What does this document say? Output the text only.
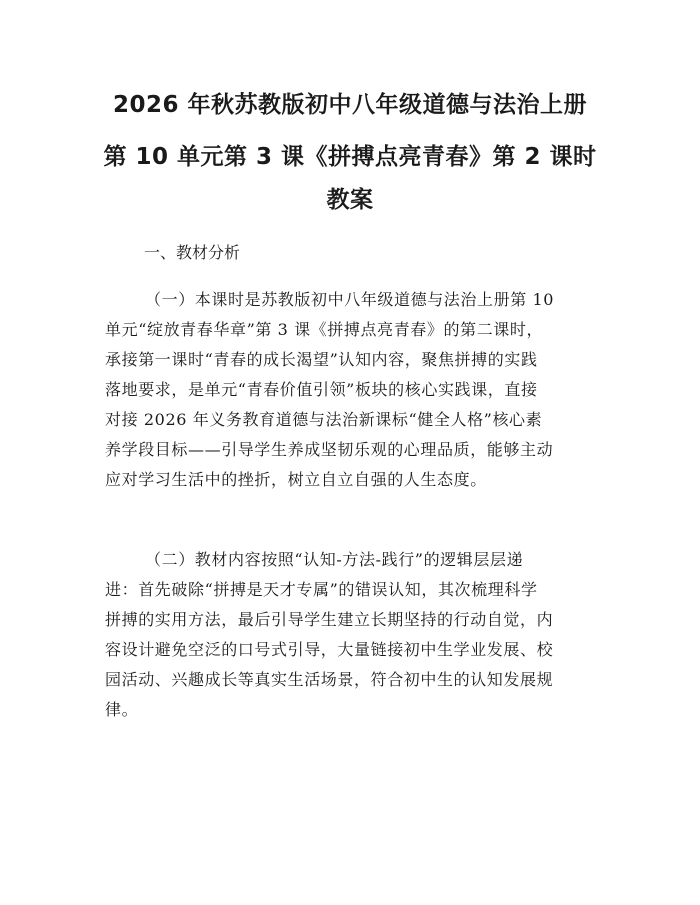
2026 年秋苏教版初中八年级道德与法治上册
第 10 单元第 3 课《拼搏点亮青春》第 2 课时
教案
一、教材分析
（一）本课时是苏教版初中八年级道德与法治上册第 10
单元“绽放青春华章”第 3 课《拼搏点亮青春》的第二课时，
承接第一课时“青春的成长渴望”认知内容，聚焦拼搏的实践
落地要求，是单元“青春价值引领”板块的核心实践课，直接
对接 2026 年义务教育道德与法治新课标“健全人格”核心素
养学段目标——引导学生养成坚韧乐观的心理品质，能够主动
应对学习生活中的挫折，树立自立自强的人生态度。
（二）教材内容按照“认知-方法-践行”的逻辑层层递
进：首先破除“拼搏是天才专属”的错误认知，其次梳理科学
拼搏的实用方法，最后引导学生建立长期坚持的行动自觉，内
容设计避免空泛的口号式引导，大量链接初中生学业发展、校
园活动、兴趣成长等真实生活场景，符合初中生的认知发展规
律。
